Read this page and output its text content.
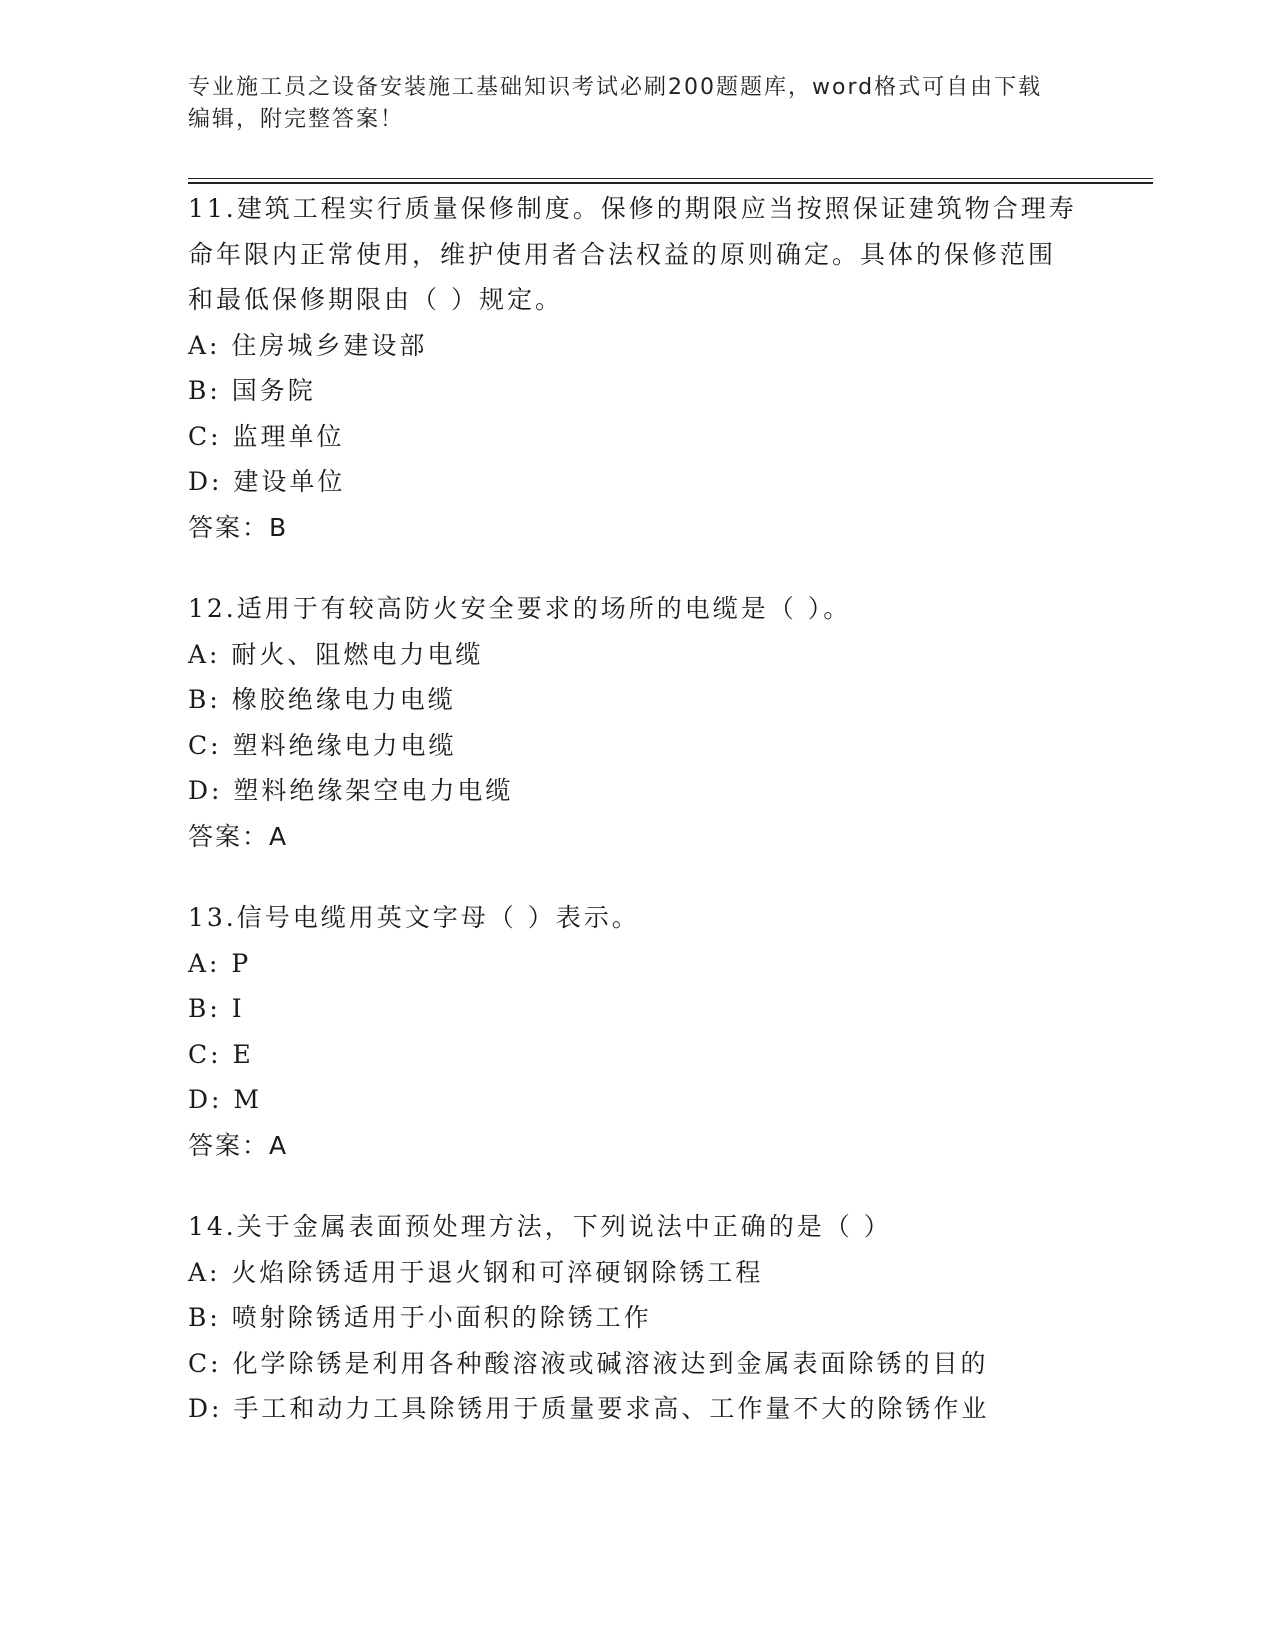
专业施工员之设备安装施工基础知识考试必刷200题题库，word格式可自由下载
编辑，附完整答案！
11.建筑工程实行质量保修制度。保修的期限应当按照保证建筑物合理寿命年限内正常使用，维护使用者合法权益的原则确定。具体的保修范围和最低保修期限由（ ）规定。
A: 住房城乡建设部
B: 国务院
C: 监理单位
D: 建设单位
答案：B
12.适用于有较高防火安全要求的场所的电缆是（ ）。
A: 耐火、阻燃电力电缆
B: 橡胶绝缘电力电缆
C: 塑料绝缘电力电缆
D: 塑料绝缘架空电力电缆
答案：A
13.信号电缆用英文字母（ ）表示。
A: P
B: I
C: E
D: M
答案：A
14.关于金属表面预处理方法，下列说法中正确的是（ ）
A: 火焰除锈适用于退火钢和可淬硬钢除锈工程
B: 喷射除锈适用于小面积的除锈工作
C: 化学除锈是利用各种酸溶液或碱溶液达到金属表面除锈的目的
D: 手工和动力工具除锈用于质量要求高、工作量不大的除锈作业
